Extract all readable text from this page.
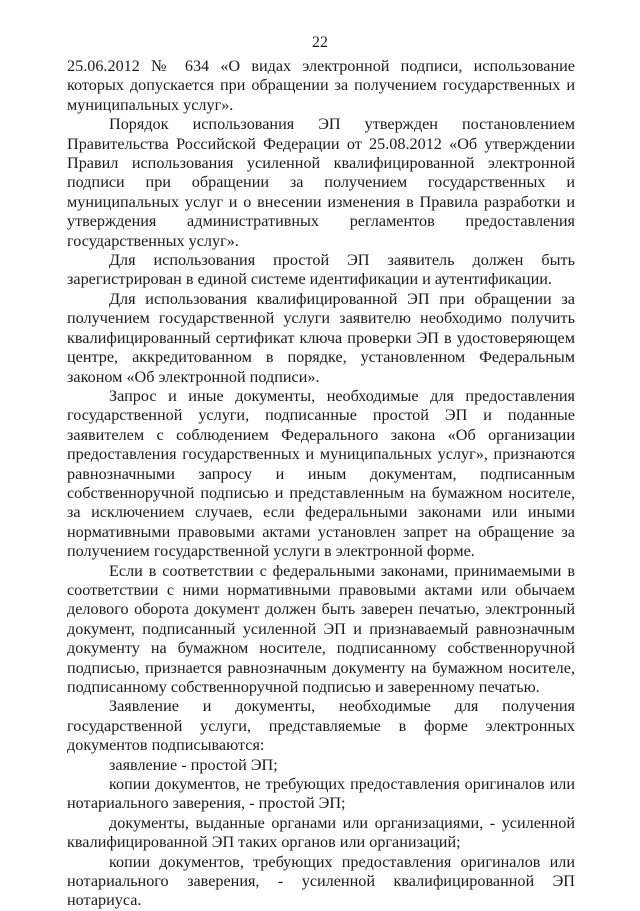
22

25.06.2012 № 634 «О видах электронной подписи, использование которых допускается при обращении за получением государственных и муниципальных услуг».

Порядок использования ЭП утвержден постановлением Правительства Российской Федерации от 25.08.2012 «Об утверждении Правил использования усиленной квалифицированной электронной подписи при обращении за получением государственных и муниципальных услуг и о внесении изменения в Правила разработки и утверждения административных регламентов предоставления государственных услуг».

Для использования простой ЭП заявитель должен быть зарегистрирован в единой системе идентификации и аутентификации.

Для использования квалифицированной ЭП при обращении за получением государственной услуги заявителю необходимо получить квалифицированный сертификат ключа проверки ЭП в удостоверяющем центре, аккредитованном в порядке, установленном Федеральным законом «Об электронной подписи».

Запрос и иные документы, необходимые для предоставления государственной услуги, подписанные простой ЭП и поданные заявителем с соблюдением Федерального закона «Об организации предоставления государственных и муниципальных услуг», признаются равнозначными запросу и иным документам, подписанным собственноручной подписью и представленным на бумажном носителе, за исключением случаев, если федеральными законами или иными нормативными правовыми актами установлен запрет на обращение за получением государственной услуги в электронной форме.

Если в соответствии с федеральными законами, принимаемыми в соответствии с ними нормативными правовыми актами или обычаем делового оборота документ должен быть заверен печатью, электронный документ, подписанный усиленной ЭП и признаваемый равнозначным документу на бумажном носителе, подписанному собственноручной подписью, признается равнозначным документу на бумажном носителе, подписанному собственноручной подписью и заверенному печатью.

Заявление и документы, необходимые для получения государственной услуги, представляемые в форме электронных документов подписываются:

заявление - простой ЭП;

копии документов, не требующих предоставления оригиналов или нотариального заверения, - простой ЭП;

документы, выданные органами или организациями, - усиленной квалифицированной ЭП таких органов или организаций;

копии документов, требующих предоставления оригиналов или нотариального заверения, - усиленной квалифицированной ЭП нотариуса.
